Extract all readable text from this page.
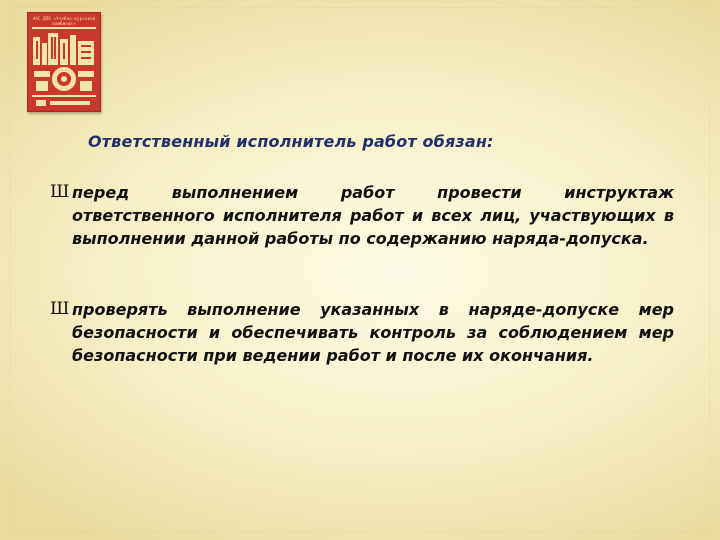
ААС ДПО «Учебно-курсовой комбинат»
Ответственный исполнитель работ обязан:
Ш перед выполнением работ провести инструктаж ответственного исполнителя работ и всех лиц, участвующих в выполнении данной работы по содержанию наряда-допуска.
Ш проверять выполнение указанных в наряде-допуске мер безопасности и обеспечивать контроль за соблюдением мер безопасности при ведении работ и после их окончания.
